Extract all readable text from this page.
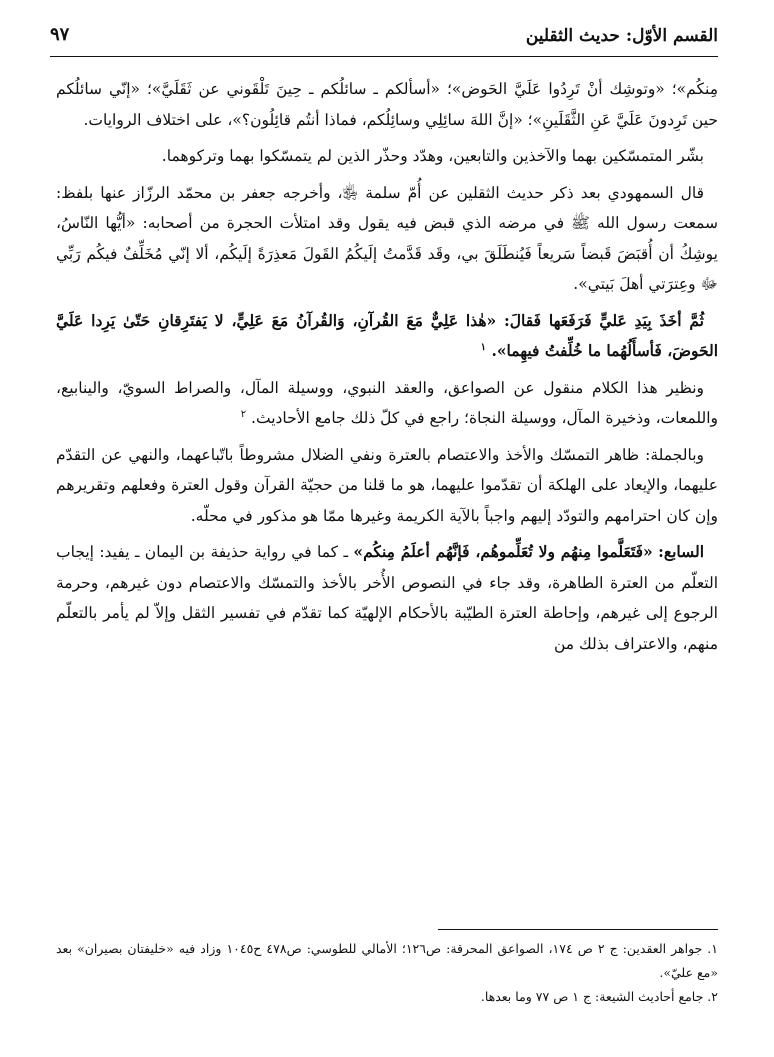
القسم الأوّل: حديث الثقلين
٩٧

مِنكُم»؛ «وتوشِك أنْ تَرِدُوا عَلَيَّ الحَوض»؛ «أسألكم ـ سائلُكم ـ حِينَ تَلْقَوني عن ثَقَلَيَّ»؛ «إنّي سائلُكم حين تَرِدونَ عَلَيَّ عَنِ الثَّقَلَينِ»؛ «إنَّ اللهَ سائِلِي وسائِلُكم، فماذا أنتُم قائِلُون؟»، على اختلاف الروايات.

بشّر المتمسّكين بهما والآخذين والتابعين، وهدّد وحذّر الذين لم يتمسّكوا بهما وتركوهما.

قال السمهودي بعد ذكر حديث الثقلين عن أُمّ سلمة ﵂، وأخرجه جعفر بن محمّد الرزّاز عنها بلفظ: سمعت رسول الله ﷺ في مرضه الذي قبض فيه يقول وقد امتلأت الحجرة من أصحابه: «أيُّها النّاسُ، يوشِكُ أن أُقبَضَ قَبضاً سَريعاً فَيُنطَلَقَ بي، وقَد قَدَّمتُ إلَيكُمُ القَولَ مَعذِرَةً إلَيكُم، ألا إنّي مُخَلِّفٌ فيكُم رَبِّي ﷻ وعِترَتي أهلَ بَيتي».

ثُمَّ أخَذَ بِيَدِ عَليٍّ فَرَفَعَها فَقالَ: «هٰذا عَلِيٌّ مَعَ القُرآنِ، وَالقُرآنُ مَعَ عَلِيٍّ، لا يَفتَرِقانِ حَتّىٰ يَرِدا عَلَيَّ الحَوضَ، فَأسأَلُهُما ما خُلِّفتُ فيهِما». $^١$

ونظير هذا الكلام منقول عن الصواعق، والعقد النبوي، ووسيلة المآل، والصراط السويّ، والينابيع، واللمعات، وذخيرة المآل، ووسيلة النجاة؛ راجع في كلّ ذلك جامع الأحاديث. $^٢$

وبالجملة: ظاهر التمسّك والأخذ والاعتصام بالعترة ونفي الضلال مشروطاً باتّباعهما، والنهي عن التقدّم عليهما، والإيعاد على الهلكة أن تقدّموا عليهما، هو ما قلنا من حجيّة القرآن وقول العترة وفعلهم وتقريرهم وإن كان احترامهم والتودّد إليهم واجباً بالآية الكريمة وغيرها ممّا هو مذكور في محلّه.

السابع: «فَتَعَلَّموا مِنهُم ولا تُعَلِّموهُم، فَإنَّهُم أعلَمُ مِنكُم» ـ كما في رواية حذيفة بن اليمان ـ يفيد: إيجاب التعلّم من العترة الطاهرة، وقد جاء في النصوص الأُخر بالأخذ والتمسّك والاعتصام دون غيرهم، وحرمة الرجوع إلى غيرهم، وإحاطة العترة الطيّبة بالأحكام الإلهيّة كما تقدّم في تفسير الثقل وإلاّ لم يأمر بالتعلّم منهم، والاعتراف بذلك من

١. جواهر العقدين: ج ٢ ص ١٧٤، الصواعق المحرقة: ص١٢٦؛ الأمالي للطوسي: ص٤٧٨ ح١٠٤٥ وزاد فيه «خليفتان بصيران» بعد «مع عليّ».

٢. جامع أحاديث الشيعة: ج ١ ص ٧٧ وما بعدها.
